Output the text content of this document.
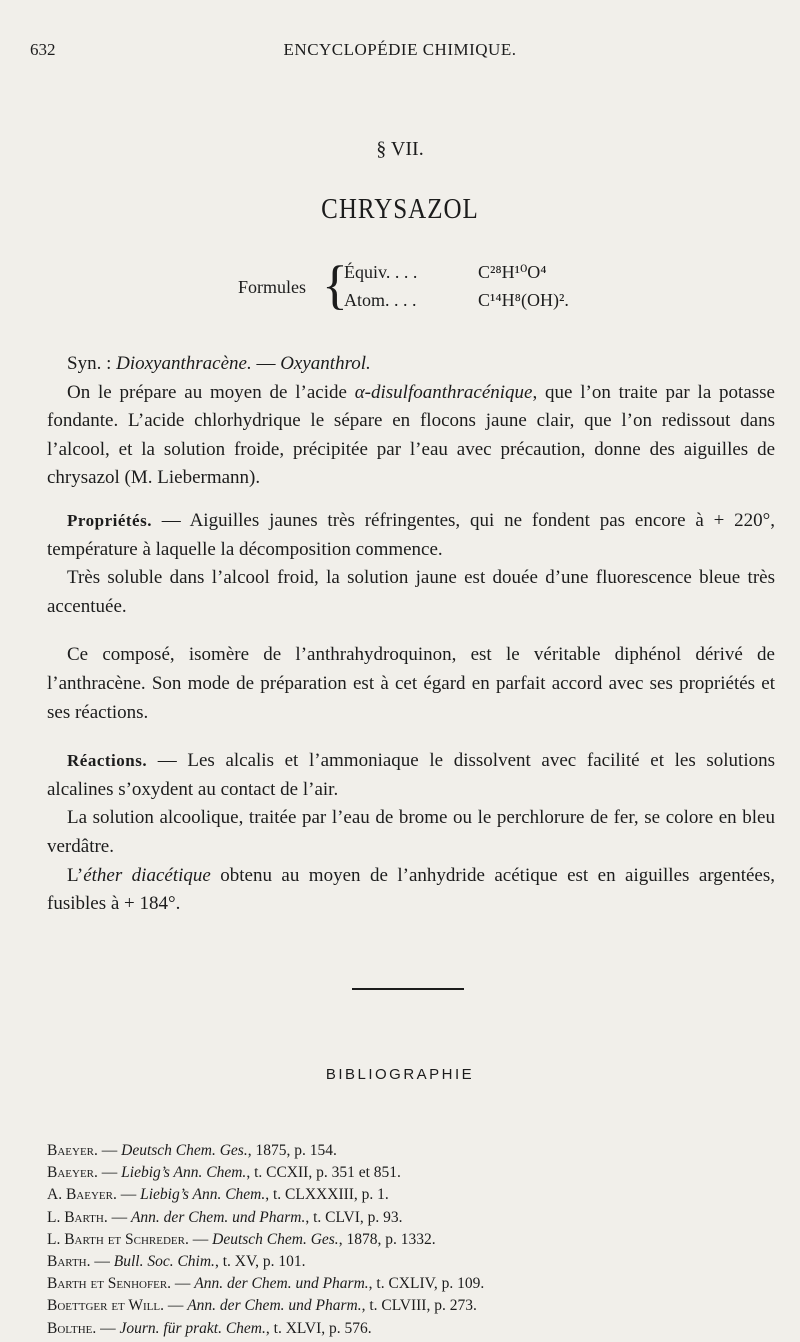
632	ENCYCLOPÉDIE CHIMIQUE.
§ VII.
CHRYSAZOL
Formules {
Équiv. . . .	C²⁸H¹⁰O⁴
Atom. . . .	C¹⁴H⁸(OH)².

Syn. : Dioxyanthracène. — Oxyanthrol.

On le prépare au moyen de l’acide α-disulfoanthracénique, que l’on traite par la potasse fondante. L’acide chlorhydrique le sépare en flocons jaune clair, que l’on redissout dans l’alcool, et la solution froide, précipitée par l’eau avec précaution, donne des aiguilles de chrysazol (M. Liebermann).

Propriétés. — Aiguilles jaunes très réfringentes, qui ne fondent pas encore à + 220°, température à laquelle la décomposition commence.

Très soluble dans l’alcool froid, la solution jaune est douée d’une fluorescence bleue très accentuée.

Ce composé, isomère de l’anthrahydroquinon, est le véritable diphénol dérivé de l’anthracène. Son mode de préparation est à cet égard en parfait accord avec ses propriétés et ses réactions.

Réactions. — Les alcalis et l’ammoniaque le dissolvent avec facilité et les solutions alcalines s’oxydent au contact de l’air.

La solution alcoolique, traitée par l’eau de brome ou le perchlorure de fer, se colore en bleu verdâtre.

L’éther diacétique obtenu au moyen de l’anhydride acétique est en aiguilles argentées, fusibles à + 184°.

BIBLIOGRAPHIE
Baeyer. — Deutsch Chem. Ges., 1875, p. 154.
Baeyer. — Liebig’s Ann. Chem., t. CCXII, p. 351 et 851.
A. Baeyer. — Liebig’s Ann. Chem., t. CLXXXIII, p. 1.
L. Barth. — Ann. der Chem. und Pharm., t. CLVI, p. 93.
L. Barth et Schreder. — Deutsch Chem. Ges., 1878, p. 1332.
Barth. — Bull. Soc. Chim., t. XV, p. 101.
Barth et Senhofer. — Ann. der Chem. und Pharm., t. CXLIV, p. 109.
Boettger et Will. — Ann. der Chem. und Pharm., t. CLVIII, p. 273.
Bolthe. — Journ. für prakt. Chem., t. XLVI, p. 576.
